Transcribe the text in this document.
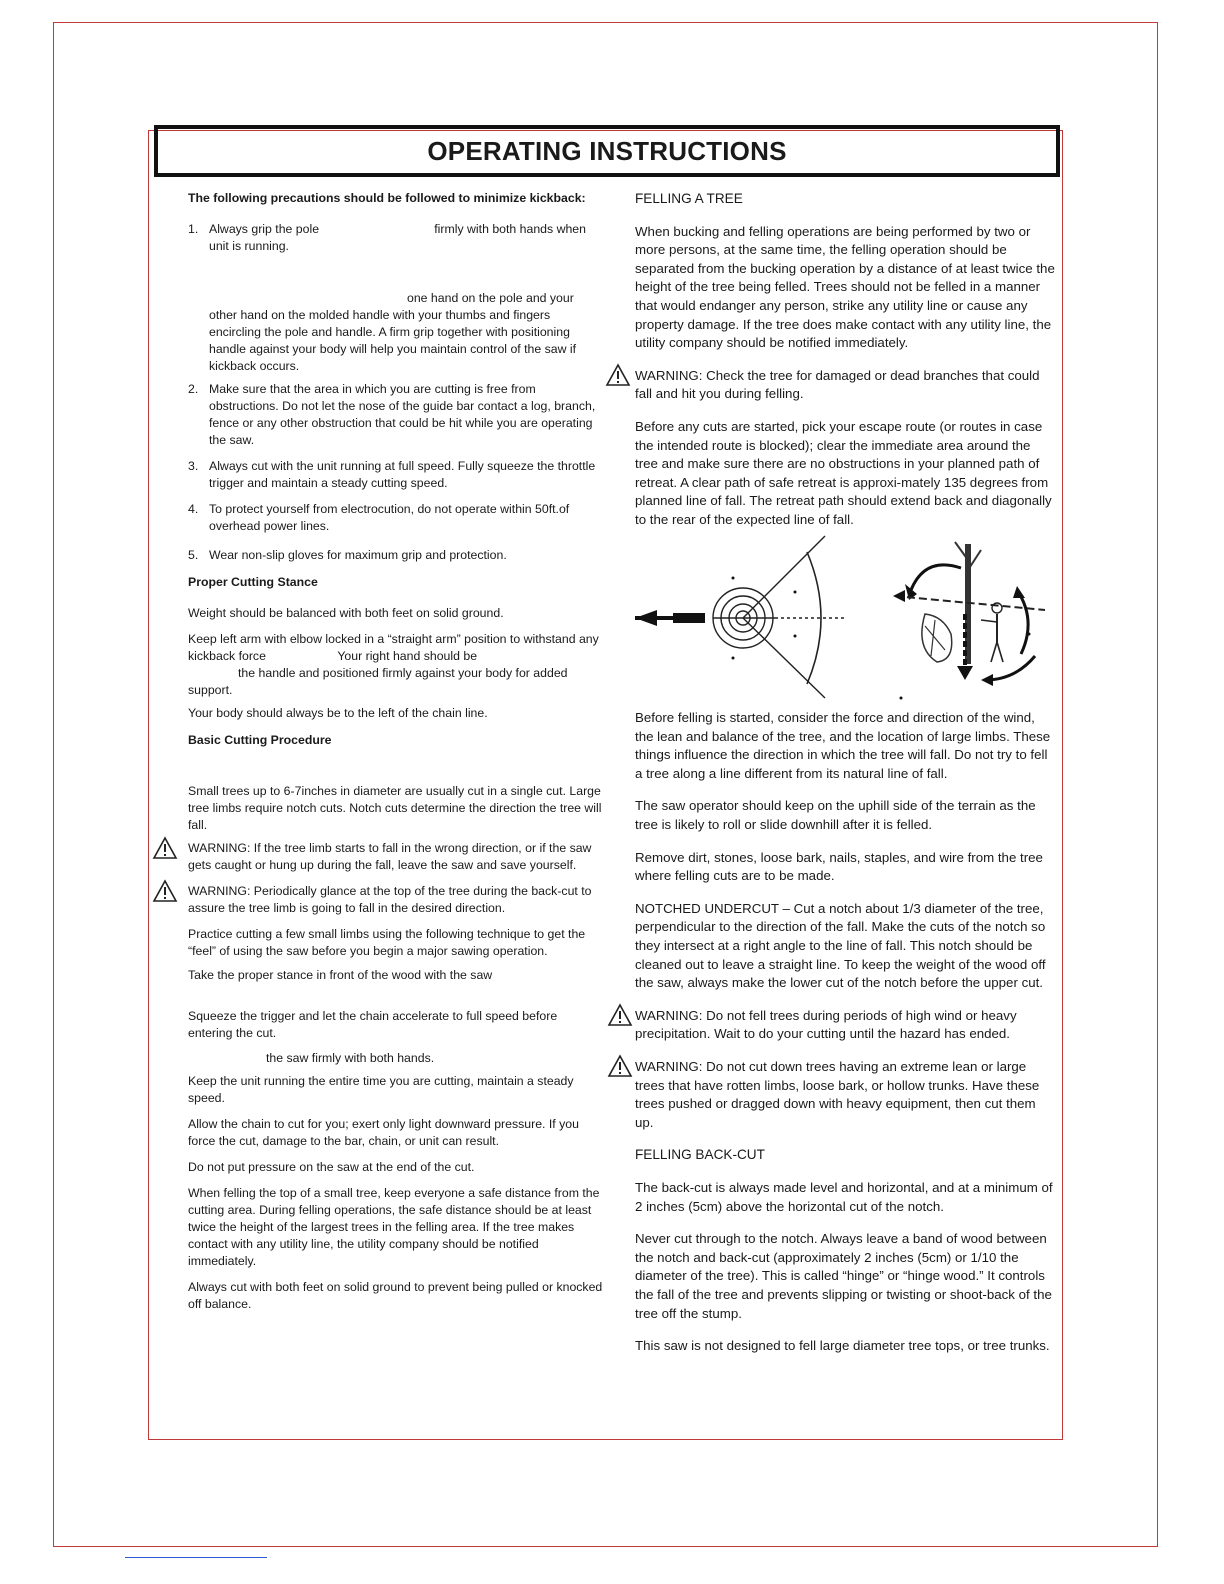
OPERATING INSTRUCTIONS

The following precautions should be followed to minimize kickback:

1. Always grip the pole	firmly with both hands when
unit is running.
one hand on the pole and your
other hand on the molded handle with your thumbs and fingers encircling the pole and handle. A firm grip together with positioning handle against your body will help you maintain control of the saw if kickback occurs.
2. Make sure that the area in which you are cutting is free from obstructions. Do not let the nose of the guide bar contact a log, branch, fence or any other obstruction that could be hit while you are operating the saw.
3. Always cut with the unit running at full speed. Fully squeeze the throttle trigger and maintain a steady cutting speed.
4. To protect yourself from electrocution, do not operate within 50ft.of overhead power lines.
5. Wear non-slip gloves for maximum grip and protection.

Proper Cutting Stance

Weight should be balanced with both feet on solid ground.

Keep left arm with elbow locked in a “straight arm” position to withstand any kickback force	Your right hand should be
the handle and positioned firmly against your body for added support.

Your body should always be to the left of the chain line.

Basic Cutting Procedure

Small trees up to 6-7inches in diameter are usually cut in a single cut. Large tree limbs require notch cuts. Notch cuts determine the direction the tree will fall.

WARNING: If the tree limb starts to fall in the wrong direction, or if the saw gets caught or hung up during the fall, leave the saw and save yourself.

WARNING: Periodically glance at the top of the tree during the back-cut to assure the tree limb is going to fall in the desired direction.

Practice cutting a few small limbs using the following technique to get the “feel” of using the saw before you begin a major sawing operation.

Take the proper stance in front of the wood with the saw

Squeeze the trigger and let the chain accelerate to full speed before entering the cut.

the saw firmly with both hands.

Keep the unit running the entire time you are cutting, maintain a steady speed.

Allow the chain to cut for you; exert only light downward pressure. If you force the cut, damage to the bar, chain, or unit can result.

Do not put pressure on the saw at the end of the cut.

When felling the top of a small tree, keep everyone a safe distance from the cutting area. During felling operations, the safe distance should be at least twice the height of the largest trees in the felling area. If the tree makes contact with any utility line, the utility company should be notified immediately.

Always cut with both feet on solid ground to prevent being pulled or knocked off balance.

FELLING A TREE

When bucking and felling operations are being performed by two or more persons, at the same time, the felling operation should be separated from the bucking operation by a distance of at least twice the height of the tree being felled. Trees should not be felled in a manner that would endanger any person, strike any utility line or cause any property damage. If the tree does make contact with any utility line, the utility company should be notified immediately.

WARNING: Check the tree for damaged or dead branches that could fall and hit you during felling.

Before any cuts are started, pick your escape route (or routes in case the intended route is blocked); clear the immediate area around the tree and make sure there are no obstructions in your planned path of retreat. A clear path of safe retreat is approxi-mately 135 degrees from planned line of fall. The retreat path should extend back and diagonally to the rear of the expected line of fall.

Before felling is started, consider the force and direction of the wind, the lean and balance of the tree, and the location of large limbs. These things influence the direction in which the tree will fall. Do not try to fell a tree along a line different from its natural line of fall.

The saw operator should keep on the uphill side of the terrain as the tree is likely to roll or slide downhill after it is felled.

Remove dirt, stones, loose bark, nails, staples, and wire from the tree where felling cuts are to be made.

NOTCHED UNDERCUT – Cut a notch about 1/3 diameter of the tree, perpendicular to the direction of the fall. Make the cuts of the notch so they intersect at a right angle to the line of fall. This notch should be cleaned out to leave a straight line. To keep the weight of the wood off the saw, always make the lower cut of the notch before the upper cut.

WARNING: Do not fell trees during periods of high wind or heavy precipitation. Wait to do your cutting until the hazard has ended.

WARNING: Do not cut down trees having an extreme lean or large trees that have rotten limbs, loose bark, or hollow trunks. Have these trees pushed or dragged down with heavy equipment, then cut them up.

FELLING BACK-CUT

The back-cut is always made level and horizontal, and at a minimum of 2 inches (5cm) above the horizontal cut of the notch.

Never cut through to the notch. Always leave a band of wood between the notch and back-cut (approximately 2 inches (5cm) or 1/10 the diameter of the tree). This is called “hinge” or “hinge wood.” It controls the fall of the tree and prevents slipping or twisting or shoot-back of the tree off the stump.

This saw is not designed to fell large diameter tree tops, or tree trunks.
